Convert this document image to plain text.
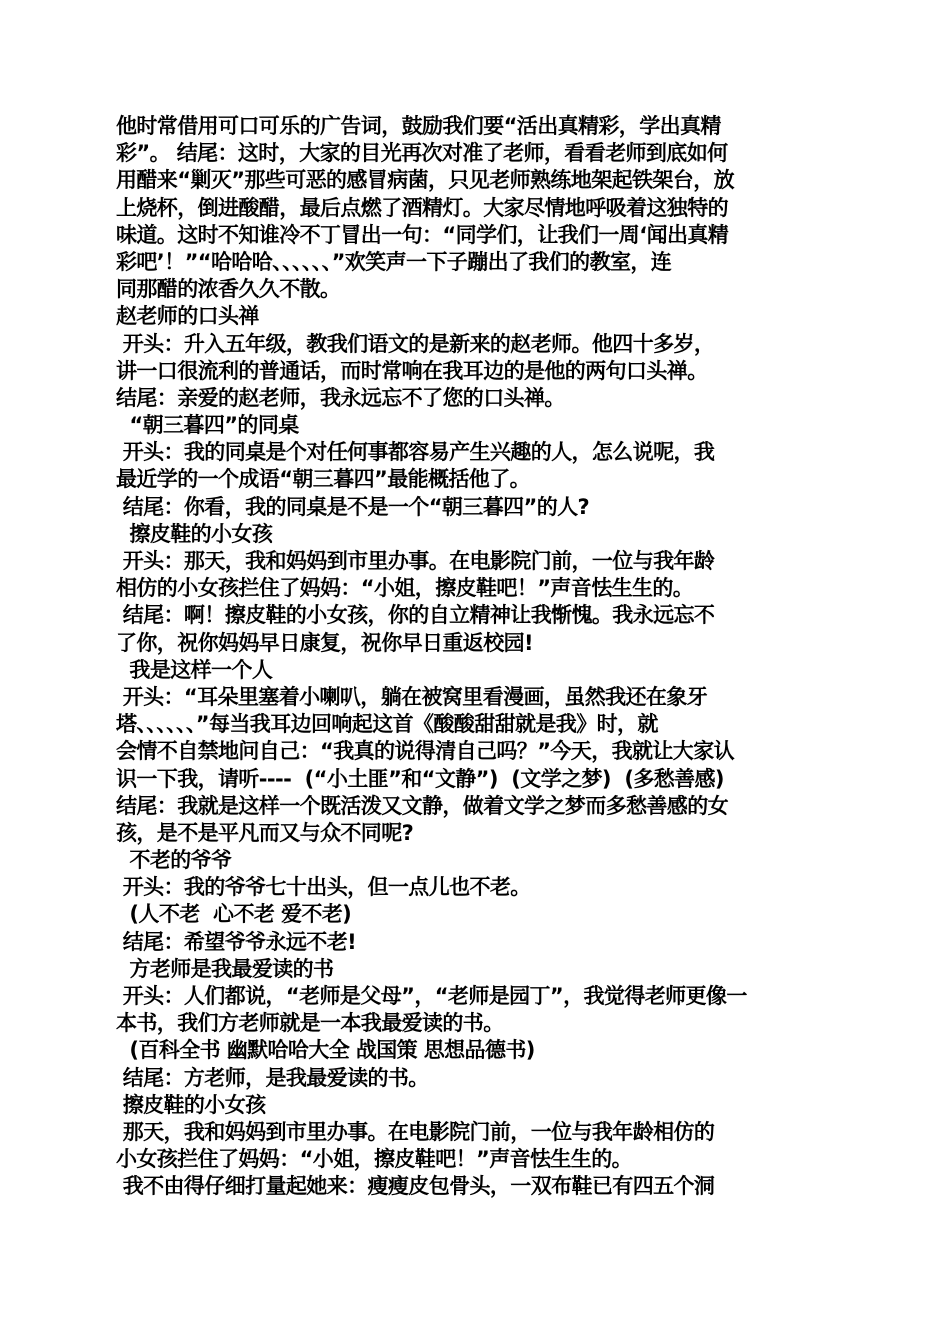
他时常借用可口可乐的广告词，鼓励我们要“活出真精彩，学出真精
彩”。 结尾：这时，大家的目光再次对准了老师，看看老师到底如何
用醋来“剿灭”那些可恶的感冒病菌，只见老师熟练地架起铁架台，放
上烧杯，倒进酸醋，最后点燃了酒精灯。大家尽情地呼吸着这独特的
味道。这时不知谁冷不丁冒出一句：“同学们，让我们一周‘闻出真精
彩吧’！”“哈哈哈、、、、、、”欢笑声一下子蹦出了我们的教室，连
同那醋的浓香久久不散。
赵老师的口头禅
开头：升入五年级，教我们语文的是新来的赵老师。他四十多岁，
讲一口很流利的普通话，而时常响在我耳边的是他的两句口头禅。
结尾：亲爱的赵老师，我永远忘不了您的口头禅。
“朝三暮四”的同桌
开头：我的同桌是个对任何事都容易产生兴趣的人，怎么说呢，我
最近学的一个成语“朝三暮四”最能概括他了。
结尾：你看，我的同桌是不是一个“朝三暮四”的人?
擦皮鞋的小女孩
开头：那天，我和妈妈到市里办事。在电影院门前，一位与我年龄
相仿的小女孩拦住了妈妈：“小姐，擦皮鞋吧！”声音怯生生的。
结尾：啊！擦皮鞋的小女孩，你的自立精神让我惭愧。我永远忘不
了你，祝你妈妈早日康复，祝你早日重返校园!
我是这样一个人
开头：“耳朵里塞着小喇叭，躺在被窝里看漫画，虽然我还在象牙
塔、、、、、、”每当我耳边回响起这首《酸酸甜甜就是我》时，就
会情不自禁地问自己：“我真的说得清自己吗？”今天，我就让大家认
识一下我，请听----  (“小土匪”和“文静”)  (文学之梦)  (多愁善感)
结尾：我就是这样一个既活泼又文静，做着文学之梦而多愁善感的女
孩，是不是平凡而又与众不同呢?
不老的爷爷
开头：我的爷爷七十出头，但一点儿也不老。
(人不老  心不老 爱不老)
结尾：希望爷爷永远不老!
方老师是我最爱读的书
开头：人们都说，“老师是父母”，“老师是园丁”，我觉得老师更像一
本书，我们方老师就是一本我最爱读的书。
(百科全书 幽默哈哈大全 战国策 思想品德书)
结尾：方老师，是我最爱读的书。
擦皮鞋的小女孩
那天，我和妈妈到市里办事。在电影院门前，一位与我年龄相仿的
小女孩拦住了妈妈：“小姐，擦皮鞋吧！”声音怯生生的。
我不由得仔细打量起她来：瘦瘦皮包骨头，一双布鞋已有四五个洞
